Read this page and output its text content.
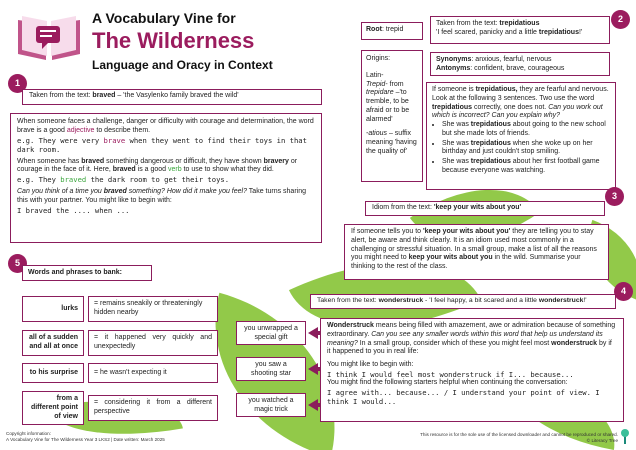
A Vocabulary Vine for
The Wilderness
Language and Oracy in Context
1
Taken from the text: braved – 'the Vasylenko family braved the wild'

When someone faces a challenge, danger or difficulty with courage and determination, the word brave is a good adjective to describe them.

e.g. They were very brave when they went to find their toys in that dark room.

When someone has braved something dangerous or difficult, they have shown bravery or courage in the face of it. Here, braved is a good verb to use to show what they did.

e.g. They braved the dark room to get their toys.

Can you think of a time you braved something? How did it make you feel? Take turns sharing this with your partner. You might like to begin with:

I braved the .... when ...

Root: trepid

Origins:

Latin-
Trepid- from trepidare –'to tremble, to be afraid or to be alarmed'

-atious – suffix meaning 'having the quality of'

2

Taken from the text: trepidatious

'I feel scared, panicky and a little trepidatious!'

Synonyms: anxious, fearful, nervous

Antonyms: confident, brave, courageous

If someone is trepidatious, they are fearful and nervous. Look at the following 3 sentences. Two use the word trepidatious correctly, one does not. Can you work out which is incorrect? Can you explain why?

• She was trepidatious about going to the new school but she made lots of friends.
• She was trepidatious when she woke up on her birthday and just couldn't stop smiling.
• She was trepidatious about her first football game because everyone was watching.
3
Idiom from the text: 'keep your wits about you'

If someone tells you to 'keep your wits about you' they are telling you to stay alert, be aware and think clearly. It is an idiom used most commonly in a challenging or stressful situation. In a small group, make a list of all the reasons you might need to keep your wits about you in the wild. Summarise your thinking to the rest of the class.

5
Words and phrases to bank:
lurks
= remains sneakily or threateningly hidden nearby
all of a sudden and all at once
= it happened very quickly and unexpectedly
to his surprise	= he wasn't expecting it
from a different point of view
= considering it from a different perspective
4
Taken from the text: wonderstruck - 'I feel happy, a bit scared and a little wonderstruck!'
you unwrapped a special gift
you saw a shooting star
you watched a magic trick

Wonderstruck means being filled with amazement, awe or admiration because of something extraordinary. Can you see any smaller words within this word that help us understand its meaning? In a small group, consider which of these you might feel most wonderstruck by if it happened to you in real life:

You might like to begin with:

I think I would feel most wonderstruck if I... because...

You might find the following starters helpful when continuing the conversation:

I agree with... because... / I understand your point of view. I think I would...

Copyright information:

A Vocabulary Vine for The Wilderness Year 3 LKS2 | Date written: March 2025

This resource is for the sole use of the licensed downloader and cannot be reproduced or shared.

© Literacy Tree
